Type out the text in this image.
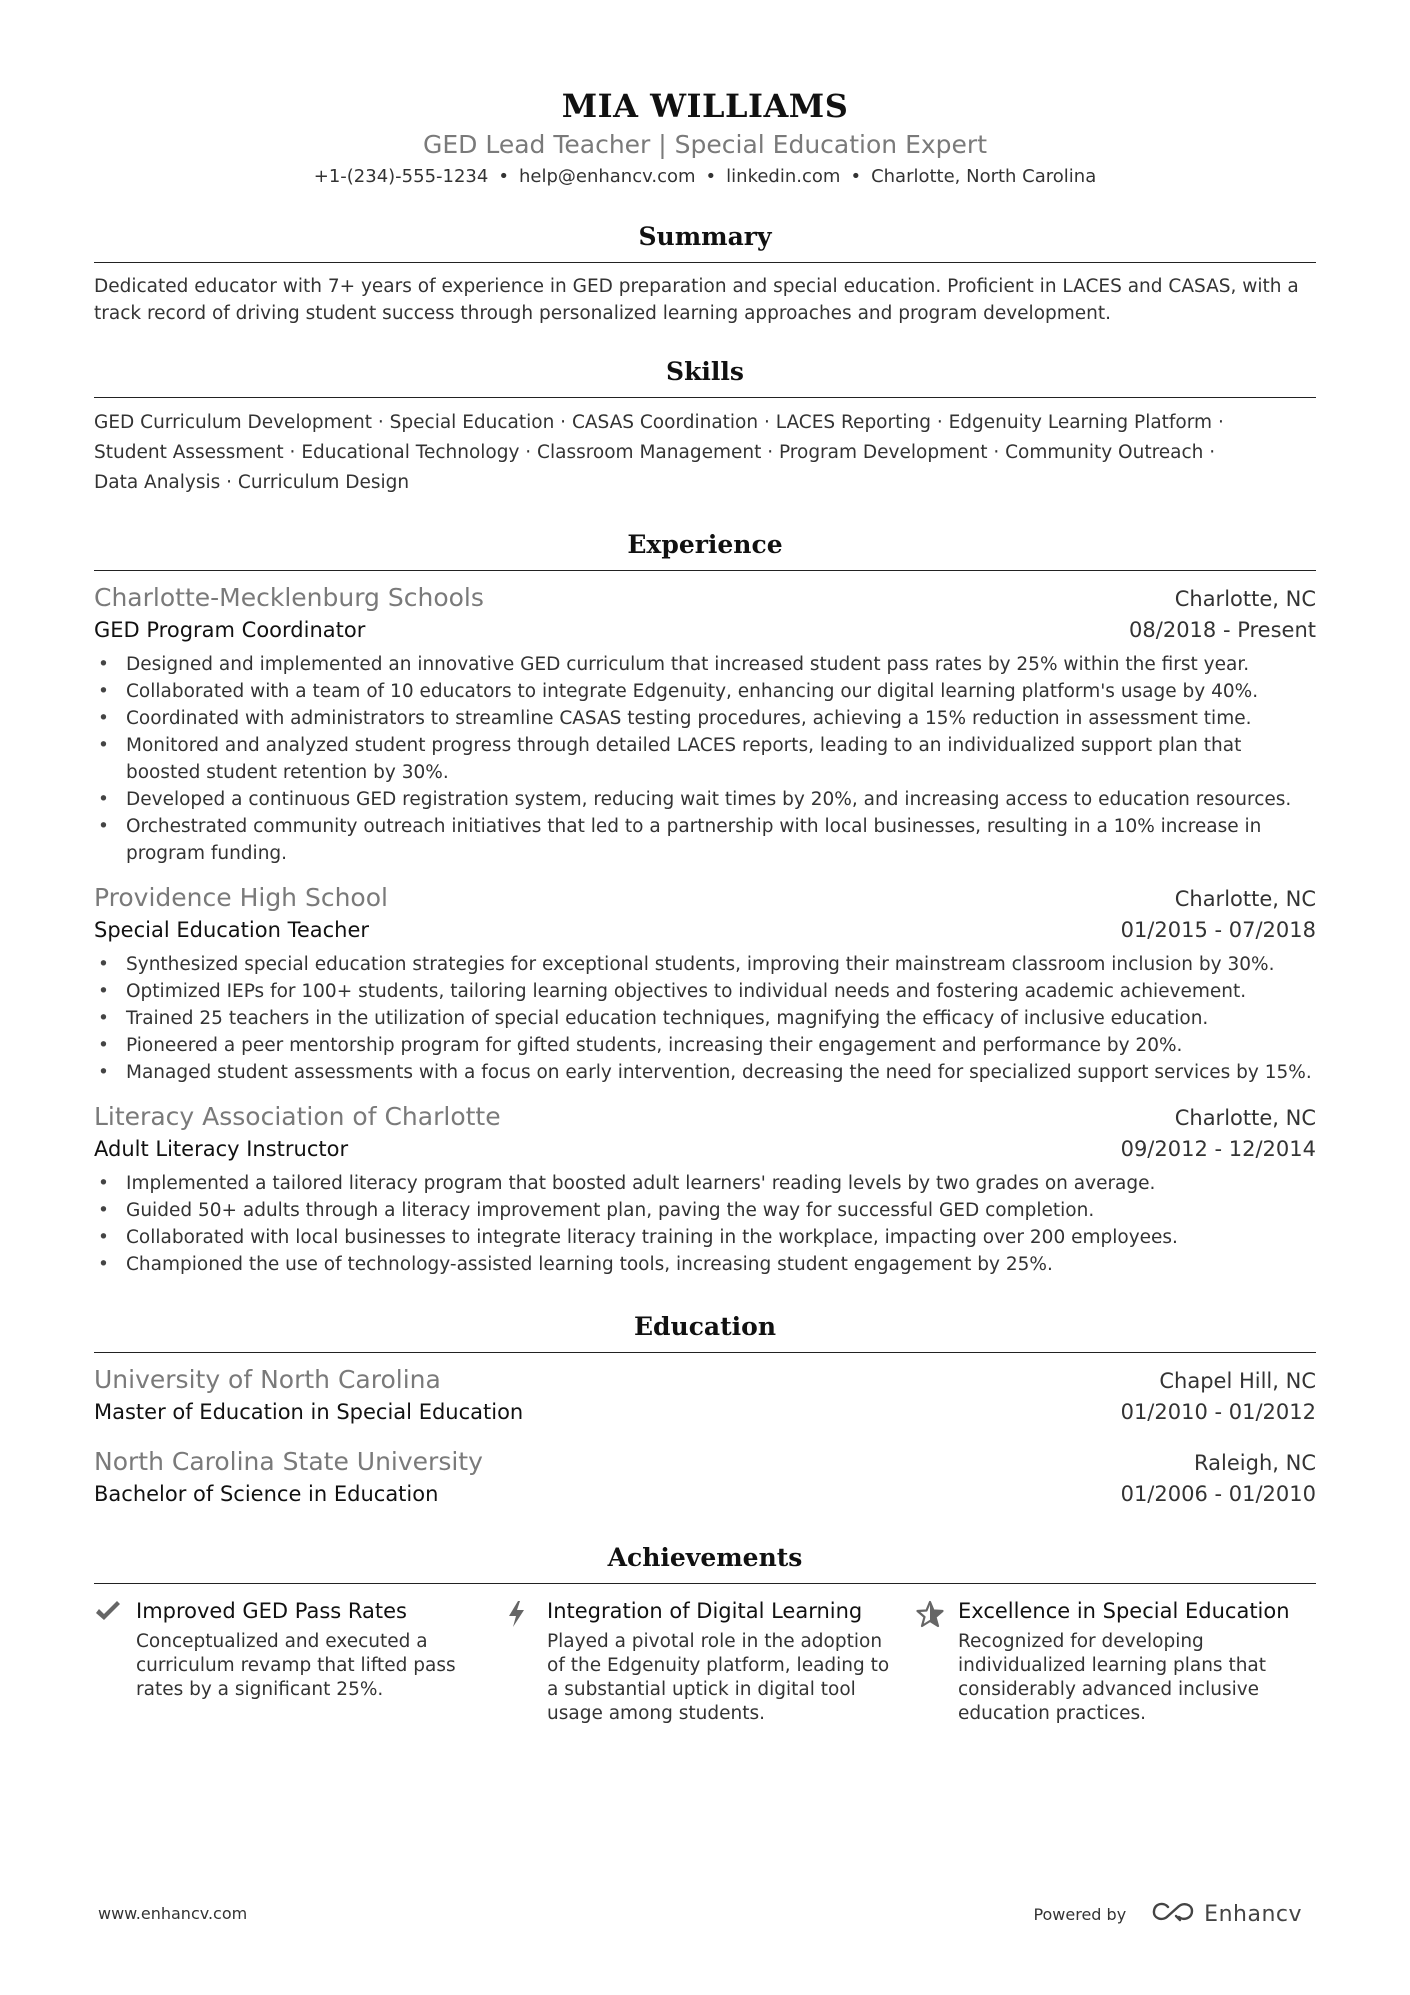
MIA WILLIAMS
GED Lead Teacher | Special Education Expert
+1-(234)-555-1234 • help@enhancv.com • linkedin.com • Charlotte, North Carolina
Summary
Dedicated educator with 7+ years of experience in GED preparation and special education. Proficient in LACES and CASAS, with a track record of driving student success through personalized learning approaches and program development.
Skills
GED Curriculum Development · Special Education · CASAS Coordination · LACES Reporting · Edgenuity Learning Platform ·
Student Assessment · Educational Technology · Classroom Management · Program Development · Community Outreach ·
Data Analysis · Curriculum Design
Experience
Charlotte-Mecklenburg Schools	Charlotte, NC
GED Program Coordinator	08/2018 - Present
• Designed and implemented an innovative GED curriculum that increased student pass rates by 25% within the first year.
• Collaborated with a team of 10 educators to integrate Edgenuity, enhancing our digital learning platform's usage by 40%.
• Coordinated with administrators to streamline CASAS testing procedures, achieving a 15% reduction in assessment time.
• Monitored and analyzed student progress through detailed LACES reports, leading to an individualized support plan that boosted student retention by 30%.
• Developed a continuous GED registration system, reducing wait times by 20%, and increasing access to education resources.
• Orchestrated community outreach initiatives that led to a partnership with local businesses, resulting in a 10% increase in program funding.
Providence High School	Charlotte, NC
Special Education Teacher	01/2015 - 07/2018
• Synthesized special education strategies for exceptional students, improving their mainstream classroom inclusion by 30%.
• Optimized IEPs for 100+ students, tailoring learning objectives to individual needs and fostering academic achievement.
• Trained 25 teachers in the utilization of special education techniques, magnifying the efficacy of inclusive education.
• Pioneered a peer mentorship program for gifted students, increasing their engagement and performance by 20%.
• Managed student assessments with a focus on early intervention, decreasing the need for specialized support services by 15%.
Literacy Association of Charlotte	Charlotte, NC
Adult Literacy Instructor	09/2012 - 12/2014
• Implemented a tailored literacy program that boosted adult learners' reading levels by two grades on average.
• Guided 50+ adults through a literacy improvement plan, paving the way for successful GED completion.
• Collaborated with local businesses to integrate literacy training in the workplace, impacting over 200 employees.
• Championed the use of technology-assisted learning tools, increasing student engagement by 25%.
Education
University of North Carolina	Chapel Hill, NC
Master of Education in Special Education	01/2010 - 01/2012
North Carolina State University	Raleigh, NC
Bachelor of Science in Education	01/2006 - 01/2010
Achievements
Improved GED Pass Rates
Conceptualized and executed a curriculum revamp that lifted pass rates by a significant 25%.
Integration of Digital Learning
Played a pivotal role in the adoption of the Edgenuity platform, leading to a substantial uptick in digital tool usage among students.
Excellence in Special Education
Recognized for developing individualized learning plans that considerably advanced inclusive education practices.
www.enhancv.com	Powered by	Enhancv
